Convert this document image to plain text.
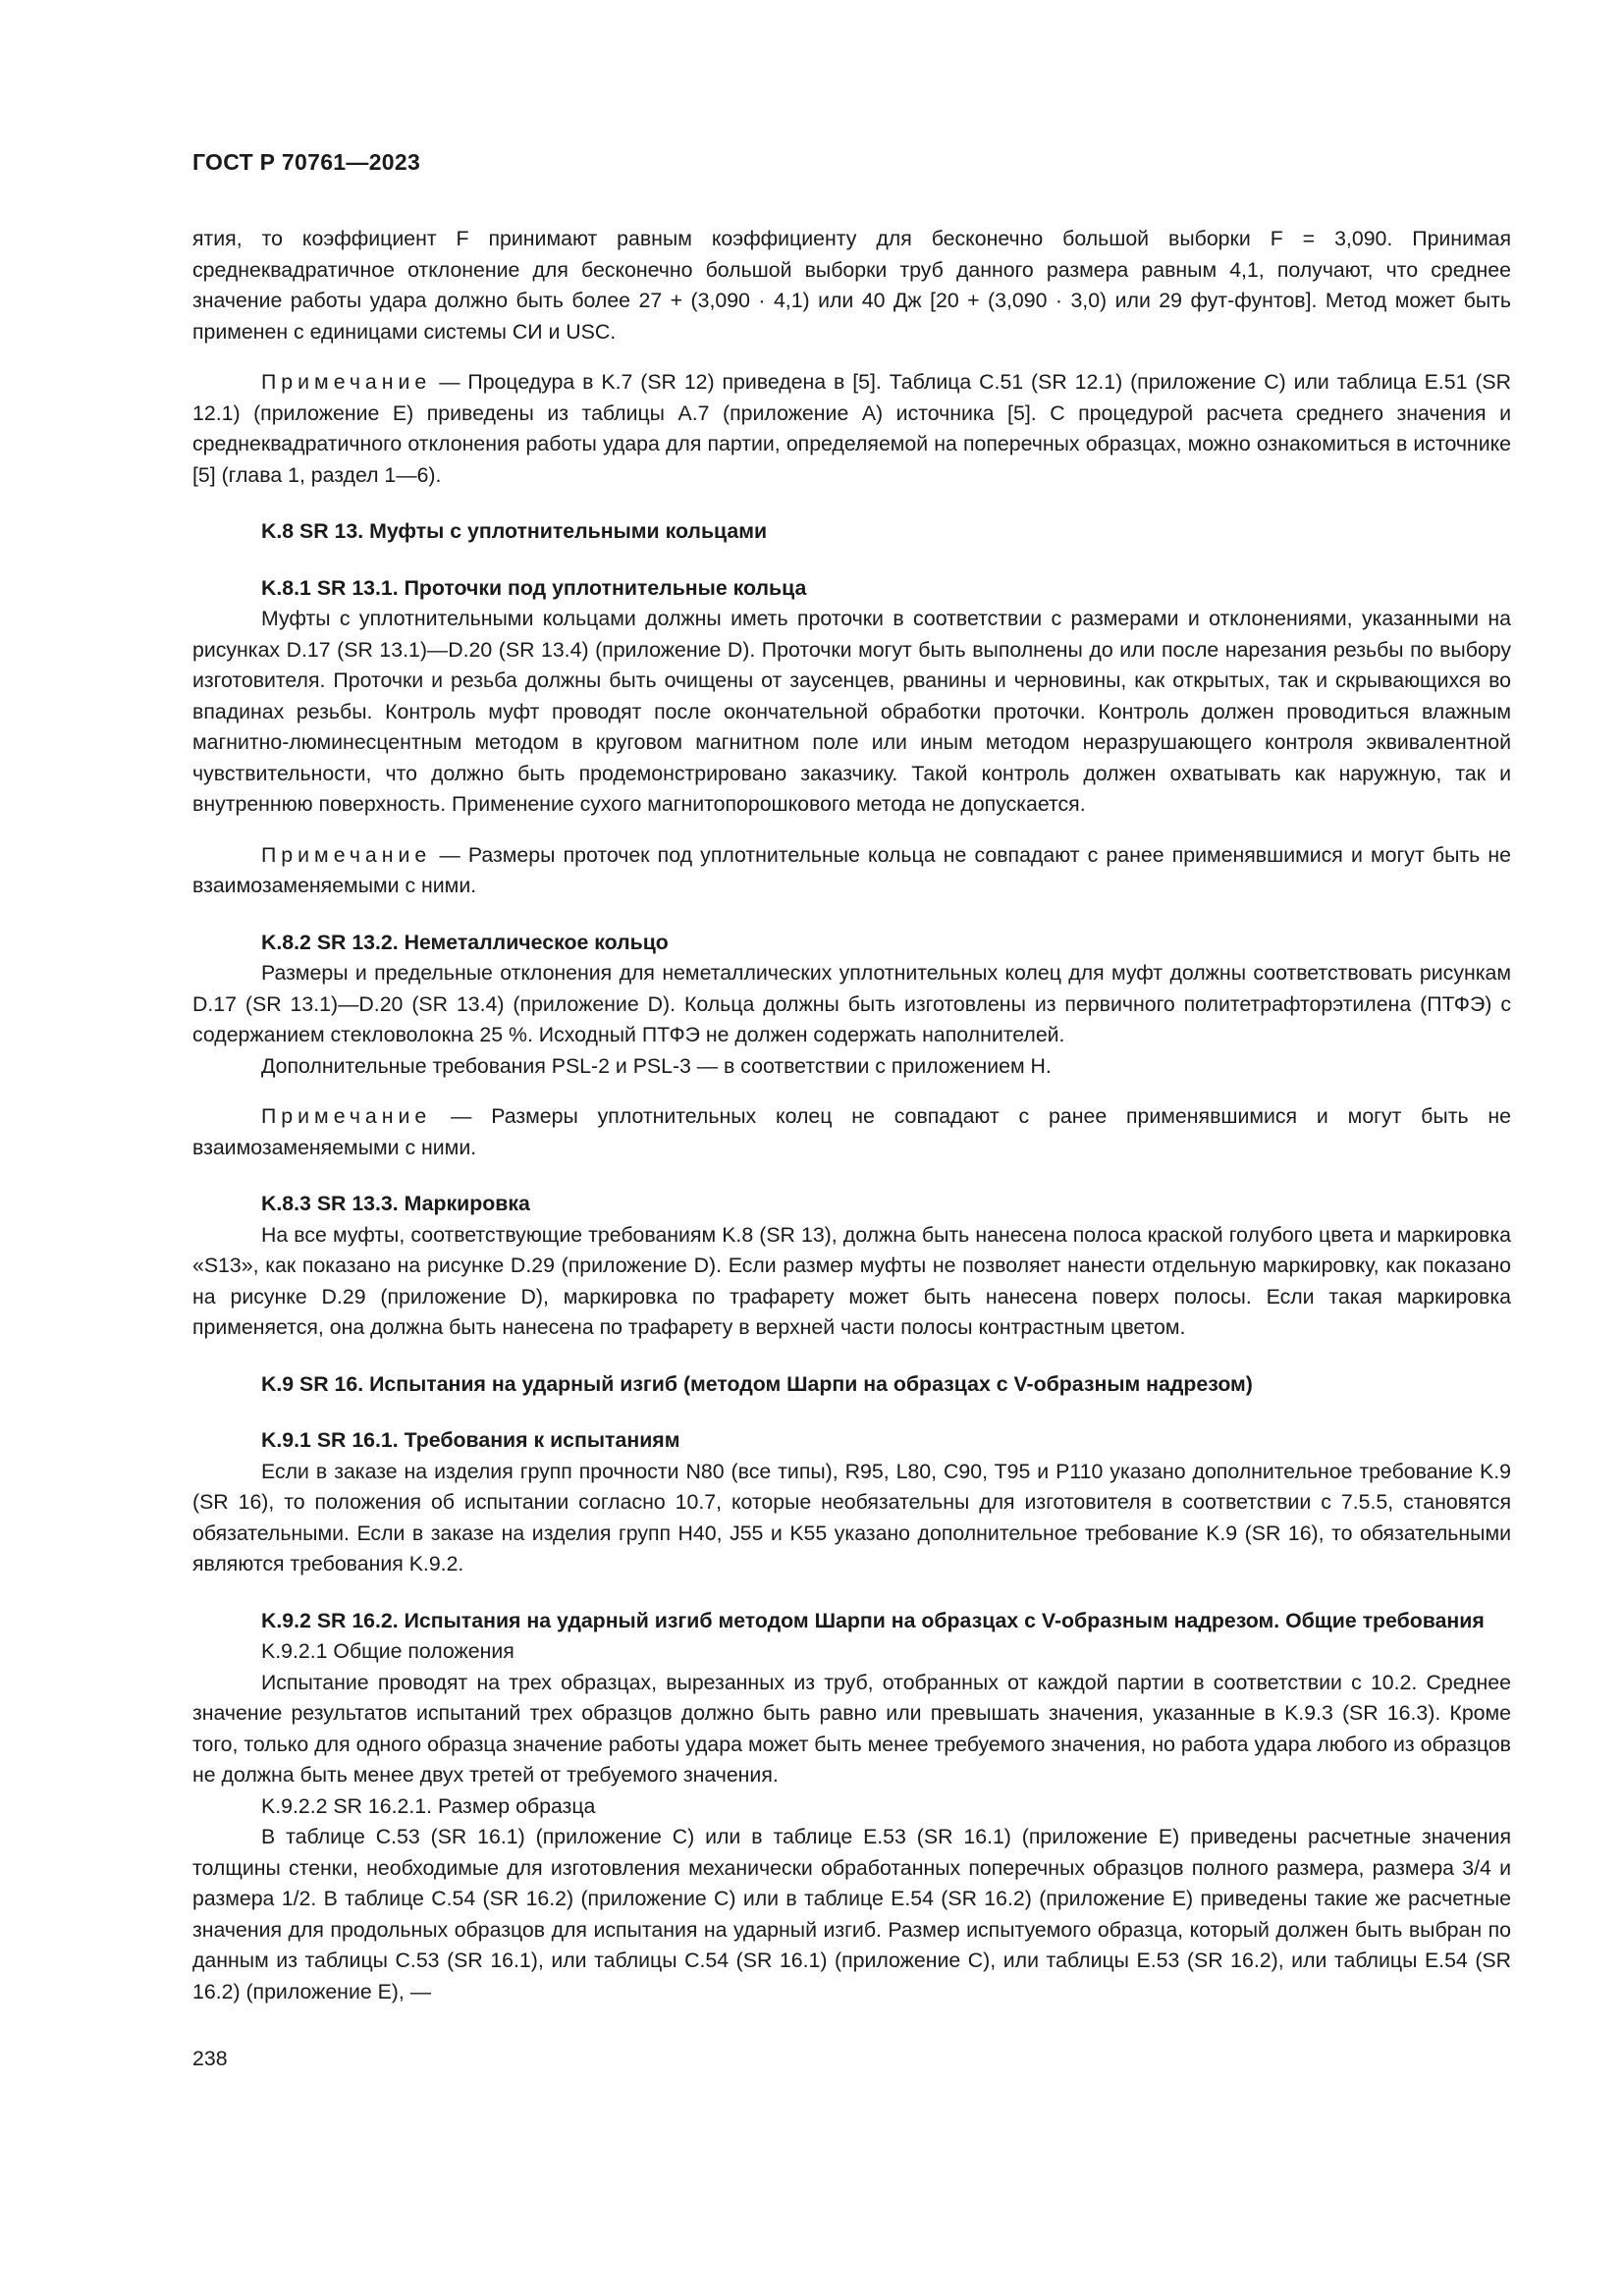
ГОСТ Р 70761—2023

ятия, то коэффициент F принимают равным коэффициенту для бесконечно большой выборки F = 3,090. Принимая среднеквадратичное отклонение для бесконечно большой выборки труб данного размера равным 4,1, получают, что среднее значение работы удара должно быть более 27 + (3,090 · 4,1) или 40 Дж [20 + (3,090 · 3,0) или 29 фут-фунтов]. Метод может быть применен с единицами системы СИ и USC.

Примечание — Процедура в K.7 (SR 12) приведена в [5]. Таблица C.51 (SR 12.1) (приложение С) или таблица E.51 (SR 12.1) (приложение Е) приведены из таблицы A.7 (приложение А) источника [5]. С процедурой расчета среднего значения и среднеквадратичного отклонения работы удара для партии, определяемой на поперечных образцах, можно ознакомиться в источнике [5] (глава 1, раздел 1—6).

K.8 SR 13. Муфты с уплотнительными кольцами

K.8.1 SR 13.1. Проточки под уплотнительные кольца

Муфты с уплотнительными кольцами должны иметь проточки в соответствии с размерами и отклонениями, указанными на рисунках D.17 (SR 13.1)—D.20 (SR 13.4) (приложение D). Проточки могут быть выполнены до или после нарезания резьбы по выбору изготовителя. Проточки и резьба должны быть очищены от заусенцев, рванины и черновины, как открытых, так и скрывающихся во впадинах резьбы. Контроль муфт проводят после окончательной обработки проточки. Контроль должен проводиться влажным магнитно-люминесцентным методом в круговом магнитном поле или иным методом неразрушающего контроля эквивалентной чувствительности, что должно быть продемонстрировано заказчику. Такой контроль должен охватывать как наружную, так и внутреннюю поверхность. Применение сухого магнитопорошкового метода не допускается.

Примечание — Размеры проточек под уплотнительные кольца не совпадают с ранее применявшимися и могут быть не взаимозаменяемыми с ними.

K.8.2 SR 13.2. Неметаллическое кольцо

Размеры и предельные отклонения для неметаллических уплотнительных колец для муфт должны соответствовать рисункам D.17 (SR 13.1)—D.20 (SR 13.4) (приложение D). Кольца должны быть изготовлены из первичного политетрафторэтилена (ПТФЭ) с содержанием стекловолокна 25 %. Исходный ПТФЭ не должен содержать наполнителей.

Дополнительные требования PSL-2 и PSL-3 — в соответствии с приложением Н.

Примечание — Размеры уплотнительных колец не совпадают с ранее применявшимися и могут быть не взаимозаменяемыми с ними.

K.8.3 SR 13.3. Маркировка

На все муфты, соответствующие требованиям K.8 (SR 13), должна быть нанесена полоса краской голубого цвета и маркировка «S13», как показано на рисунке D.29 (приложение D). Если размер муфты не позволяет нанести отдельную маркировку, как показано на рисунке D.29 (приложение D), маркировка по трафарету может быть нанесена поверх полосы. Если такая маркировка применяется, она должна быть нанесена по трафарету в верхней части полосы контрастным цветом.

K.9 SR 16. Испытания на ударный изгиб (методом Шарпи на образцах с V-образным надрезом)

K.9.1 SR 16.1. Требования к испытаниям

Если в заказе на изделия групп прочности N80 (все типы), R95, L80, C90, T95 и P110 указано дополнительное требование K.9 (SR 16), то положения об испытании согласно 10.7, которые необязательны для изготовителя в соответствии с 7.5.5, становятся обязательными. Если в заказе на изделия групп H40, J55 и K55 указано дополнительное требование K.9 (SR 16), то обязательными являются требования K.9.2.

K.9.2 SR 16.2. Испытания на ударный изгиб методом Шарпи на образцах с V-образным надрезом. Общие требования

K.9.2.1 Общие положения

Испытание проводят на трех образцах, вырезанных из труб, отобранных от каждой партии в соответствии с 10.2. Среднее значение результатов испытаний трех образцов должно быть равно или превышать значения, указанные в K.9.3 (SR 16.3). Кроме того, только для одного образца значение работы удара может быть менее требуемого значения, но работа удара любого из образцов не должна быть менее двух третей от требуемого значения.

K.9.2.2 SR 16.2.1. Размер образца

В таблице C.53 (SR 16.1) (приложение С) или в таблице E.53 (SR 16.1) (приложение Е) приведены расчетные значения толщины стенки, необходимые для изготовления механически обработанных поперечных образцов полного размера, размера 3/4 и размера 1/2. В таблице C.54 (SR 16.2) (приложение С) или в таблице E.54 (SR 16.2) (приложение Е) приведены такие же расчетные значения для продольных образцов для испытания на ударный изгиб. Размер испытуемого образца, который должен быть выбран по данным из таблицы C.53 (SR 16.1), или таблицы C.54 (SR 16.1) (приложение С), или таблицы E.53 (SR 16.2), или таблицы E.54 (SR 16.2) (приложение Е), —

238
